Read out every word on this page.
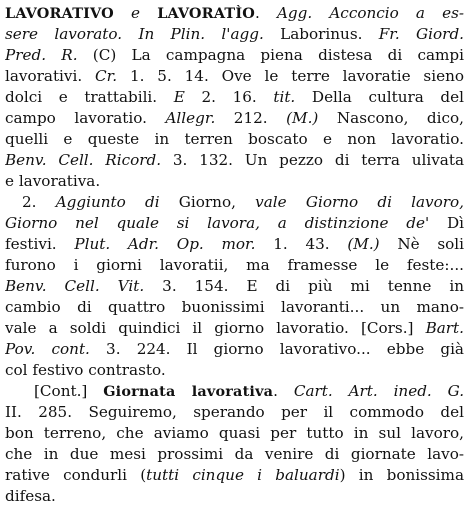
LAVORATIVO e LAVORATÌO. Agg. Acconcio a es-
sere lavorato. In Plin. l'agg. Laborinus. Fr. Giord.
Pred. R. (C) La campagna piena distesa di campi
lavorativi. Cr. 1. 5. 14. Ove le terre lavoratie sieno
dolci e trattabili. E 2. 16. tit. Della cultura del
campo lavoratio. Allegr. 212. (M.) Nascono, dico,
quelli e queste in terren boscato e non lavoratio.
Benv. Cell. Ricord. 3. 132. Un pezzo di terra ulivata
e lavorativa.
2. Aggiunto di Giorno, vale Giorno di lavoro,
Giorno nel quale si lavora, a distinzione de' Dì
festivi. Plut. Adr. Op. mor. 1. 43. (M.) Nè soli
furono i giorni lavoratii, ma framesse le feste:...
Benv. Cell. Vit. 3. 154. E di più mi tenne in
cambio di quattro buonissimi lavoranti... un mano-
vale a soldi quindici il giorno lavoratio. [Cors.] Bart.
Pov. cont. 3. 224. Il giorno lavorativo... ebbe già
col festivo contrasto.
[Cont.] Giornata lavorativa. Cart. Art. ined. G.
II. 285. Seguiremo, sperando per il commodo del
bon terreno, che aviamo quasi per tutto in sul lavoro,
che in due mesi prossimi da venire di giornate lavo-
rative condurli (tutti cinque i baluardi) in bonissima
difesa.
